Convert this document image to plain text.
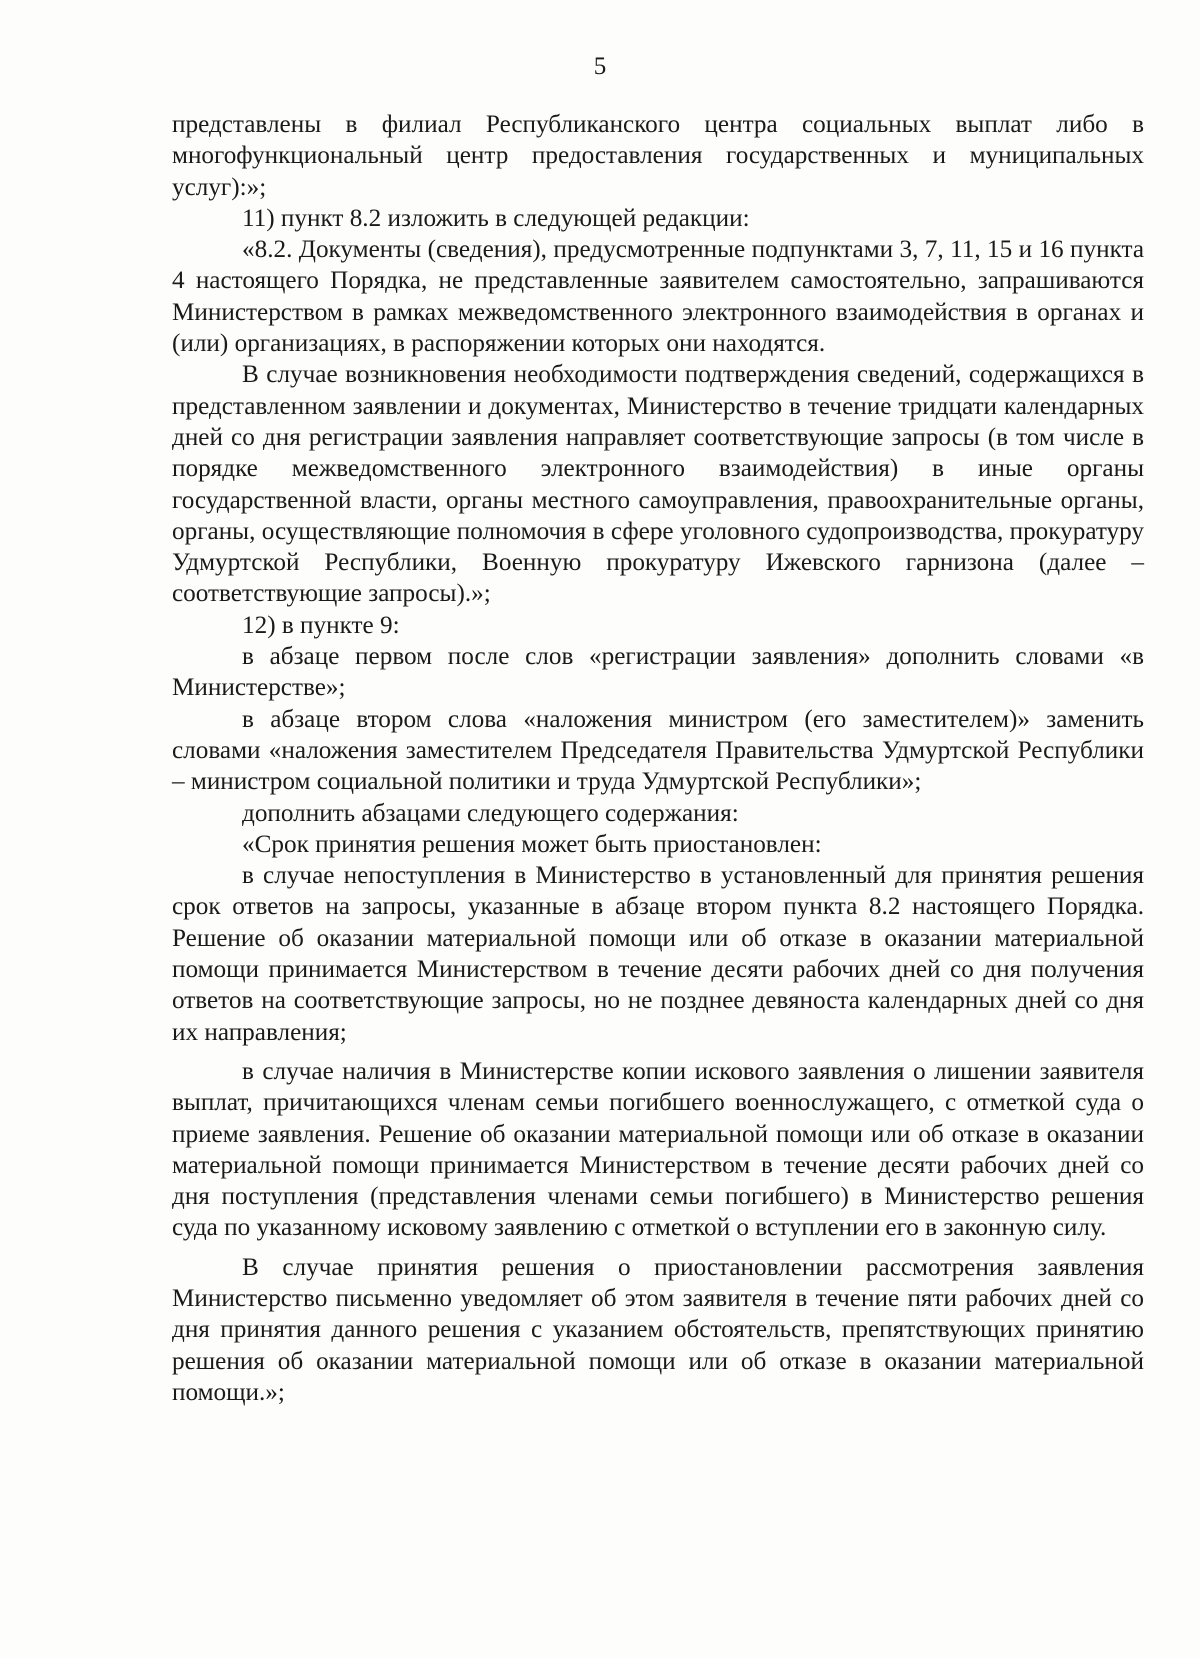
5

представлены в филиал Республиканского центра социальных выплат либо в многофункциональный центр предоставления государственных и муниципальных услуг):»;

11) пункт 8.2 изложить в следующей редакции:

«8.2. Документы (сведения), предусмотренные подпунктами 3, 7, 11, 15 и 16 пункта 4 настоящего Порядка, не представленные заявителем самостоятельно, запрашиваются Министерством в рамках межведомственного электронного взаимодействия в органах и (или) организациях, в распоряжении которых они находятся.

В случае возникновения необходимости подтверждения сведений, содержащихся в представленном заявлении и документах, Министерство в течение тридцати календарных дней со дня регистрации заявления направляет соответствующие запросы (в том числе в порядке межведомственного электронного взаимодействия) в иные органы государственной власти, органы местного самоуправления, правоохранительные органы, органы, осуществляющие полномочия в сфере уголовного судопроизводства, прокуратуру Удмуртской Республики, Военную прокуратуру Ижевского гарнизона (далее – соответствующие запросы).»;

12) в пункте 9:

в абзаце первом после слов «регистрации заявления» дополнить словами «в Министерстве»;

в абзаце втором слова «наложения министром (его заместителем)» заменить словами «наложения заместителем Председателя Правительства Удмуртской Республики – министром социальной политики и труда Удмуртской Республики»;

дополнить абзацами следующего содержания:

«Срок принятия решения может быть приостановлен:

в случае непоступления в Министерство в установленный для принятия решения срок ответов на запросы, указанные в абзаце втором пункта 8.2 настоящего Порядка. Решение об оказании материальной помощи или об отказе в оказании материальной помощи принимается Министерством в течение десяти рабочих дней со дня получения ответов на соответствующие запросы, но не позднее девяноста календарных дней со дня их направления;

в случае наличия в Министерстве копии искового заявления о лишении заявителя выплат, причитающихся членам семьи погибшего военнослужащего, с отметкой суда о приеме заявления. Решение об оказании материальной помощи или об отказе в оказании материальной помощи принимается Министерством в течение десяти рабочих дней со дня поступления (представления членами семьи погибшего) в Министерство решения суда по указанному исковому заявлению с отметкой о вступлении его в законную силу.

В случае принятия решения о приостановлении рассмотрения заявления Министерство письменно уведомляет об этом заявителя в течение пяти рабочих дней со дня принятия данного решения с указанием обстоятельств, препятствующих принятию решения об оказании материальной помощи или об отказе в оказании материальной помощи.»;
